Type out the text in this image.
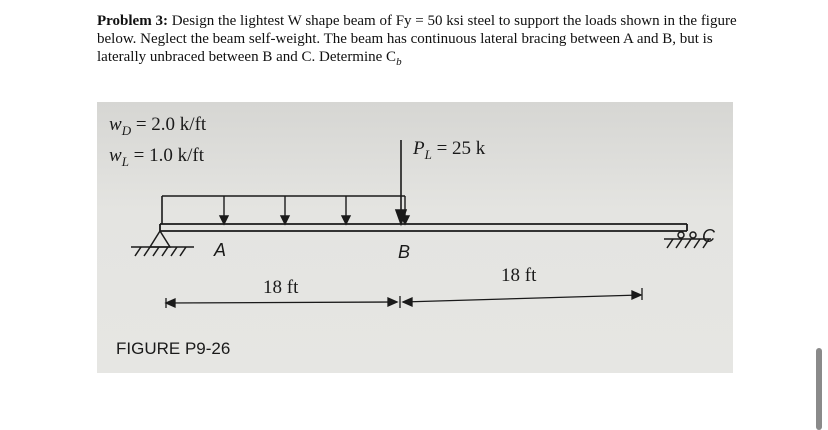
Problem 3: Design the lightest W shape beam of Fy = 50 ksi steel to support the loads shown in the figure below. Neglect the beam self-weight. The beam has continuous lateral bracing between A and B, but is laterally unbraced between B and C. Determine $C_b$
$w_D = 2.0$ k/ft
$w_L = 1.0$ k/ft	$P_L = 25$ k
A	B
C
18 ft
18 ft
FIGURE P9-26
